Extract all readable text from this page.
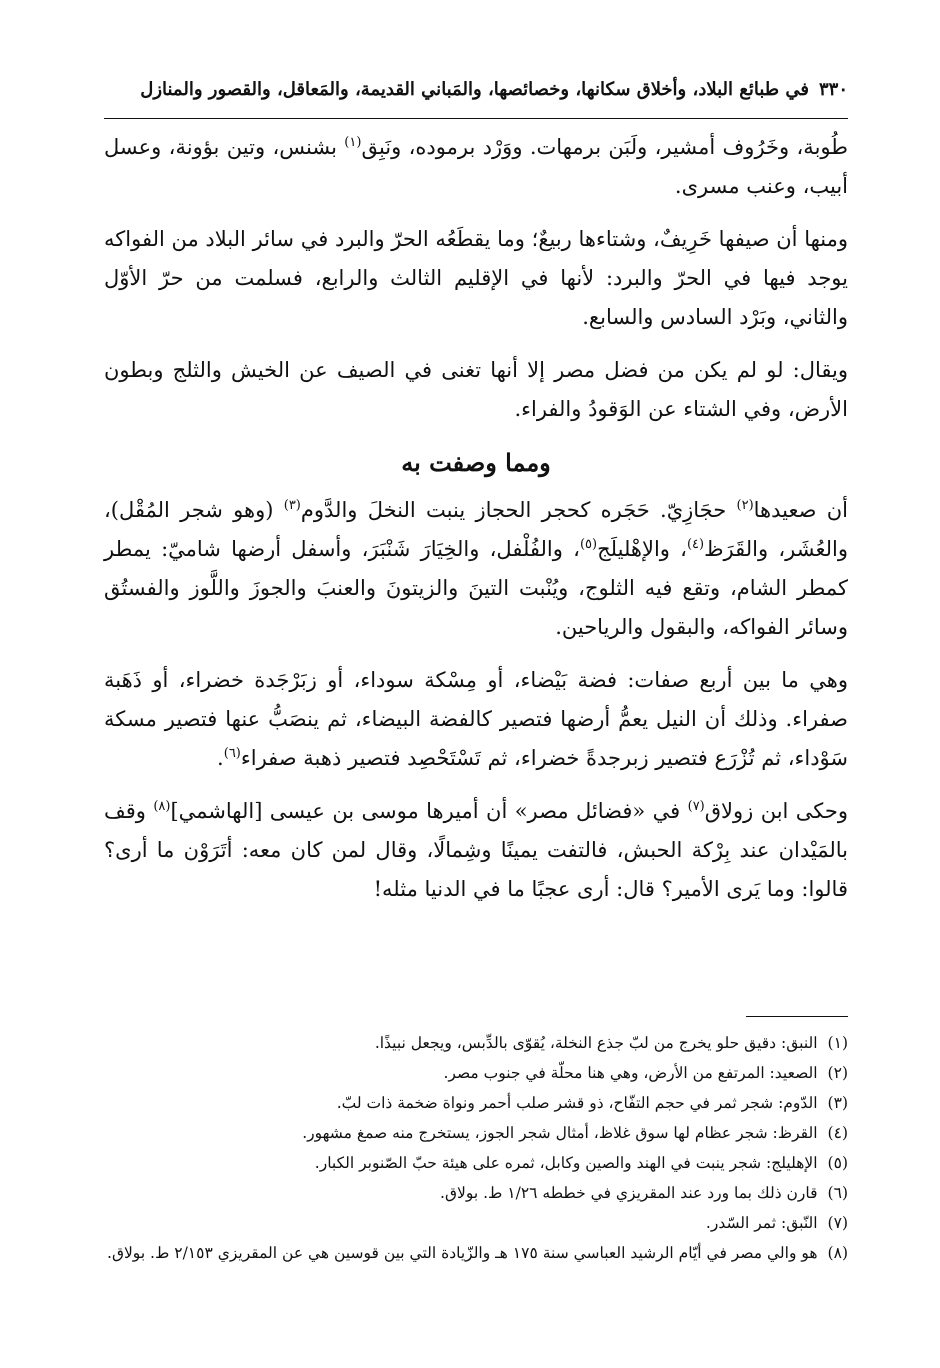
٣٣٠
في طبائع البلاد، وأخلاق سكانها، وخصائصها، والمَباني القديمة، والمَعاقل، والقصور والمنازل

طُوبة، وخَرُوف أمشير، ولَبَن برمهات. ووَرْد برموده، ونَبِق$^{(١)}$ بشنس، وتين بؤونة، وعسل أبيب، وعنب مسرى.

ومنها أن صيفها خَرِيفٌ، وشتاءها ربيعٌ؛ وما يقطَعُه الحرّ والبرد في سائر البلاد من الفواكه يوجد فيها في الحرّ والبرد: لأنها في الإقليم الثالث والرابع، فسلمت من حرّ الأوّل والثاني، وبَرْد السادس والسابع.

ويقال: لو لم يكن من فضل مصر إلا أنها تغنى في الصيف عن الخيش والثلج وبطون الأرض، وفي الشتاء عن الوَقودُ والفراء.

ومما وصفت به

أن صعيدها$^{(٢)}$ حجَازِيّ. حَجَره كحجر الحجاز ينبت النخلَ والدَّوم$^{(٣)}$ (وهو شجر المُقْل)، والعُشَر، والقَرَظ$^{(٤)}$، والإهْليلَج$^{(٥)}$، والفُلْفل، والخِيَارَ شَنْبَرَ، وأسفل أرضها شاميّ: يمطر كمطر الشام، وتقع فيه الثلوج، ويُنْبت التينَ والزيتونَ والعنبَ والجوزَ واللَّوز والفستُق وسائر الفواكه، والبقول والرياحين.

وهي ما بين أربع صفات: فضة بَيْضاء، أو مِسْكة سوداء، أو زبَرْجَدة خضراء، أو ذَهَبة صفراء. وذلك أن النيل يعمُّ أرضها فتصير كالفضة البيضاء، ثم ينصَبُّ عنها فتصير مسكة سَوْداء، ثم تُزْرَع فتصير زبرجدةً خضراء، ثم تَسْتَحْصِد فتصير ذهبة صفراء$^{(٦)}$.

وحكى ابن زولاق$^{(٧)}$ في «فضائل مصر» أن أميرها موسى بن عيسى [الهاشمي]$^{(٨)}$ وقف بالمَيْدان عند بِرْكة الحبش، فالتفت يمينًا وشِمالًا، وقال لمن كان معه: أتَرَوْن ما أرى؟ قالوا: وما يَرى الأمير؟ قال: أرى عجبًا ما في الدنيا مثله!

(١)
النبق: دقيق حلو يخرج من لبّ جذع النخلة، يُقوّى بالدِّبس، ويجعل نبيذًا.
(٢)
الصعيد: المرتفع من الأرض، وهي هنا محلّة في جنوب مصر.
(٣)
الدّوم: شجر ثمر في حجم التفّاح، ذو قشر صلب أحمر ونواة ضخمة ذات لبّ.
(٤)
القرظ: شجر عظام لها سوق غلاظ، أمثال شجر الجوز، يستخرج منه صمغ مشهور.
(٥)
الإهليلج: شجر ينبت في الهند والصين وكابل، ثمره على هيئة حبّ الصّنوبر الكبار.
(٦)
قارن ذلك بما ورد عند المقريزي في خططه ١/٢٦ ط. بولاق.
(٧)
النّبق: ثمر السّدر.
(٨)
هو والي مصر في أيّام الرشيد العباسي سنة ١٧٥ هـ والزّيادة التي بين قوسين هي عن المقريزي ٢/١٥٣ ط. بولاق.
